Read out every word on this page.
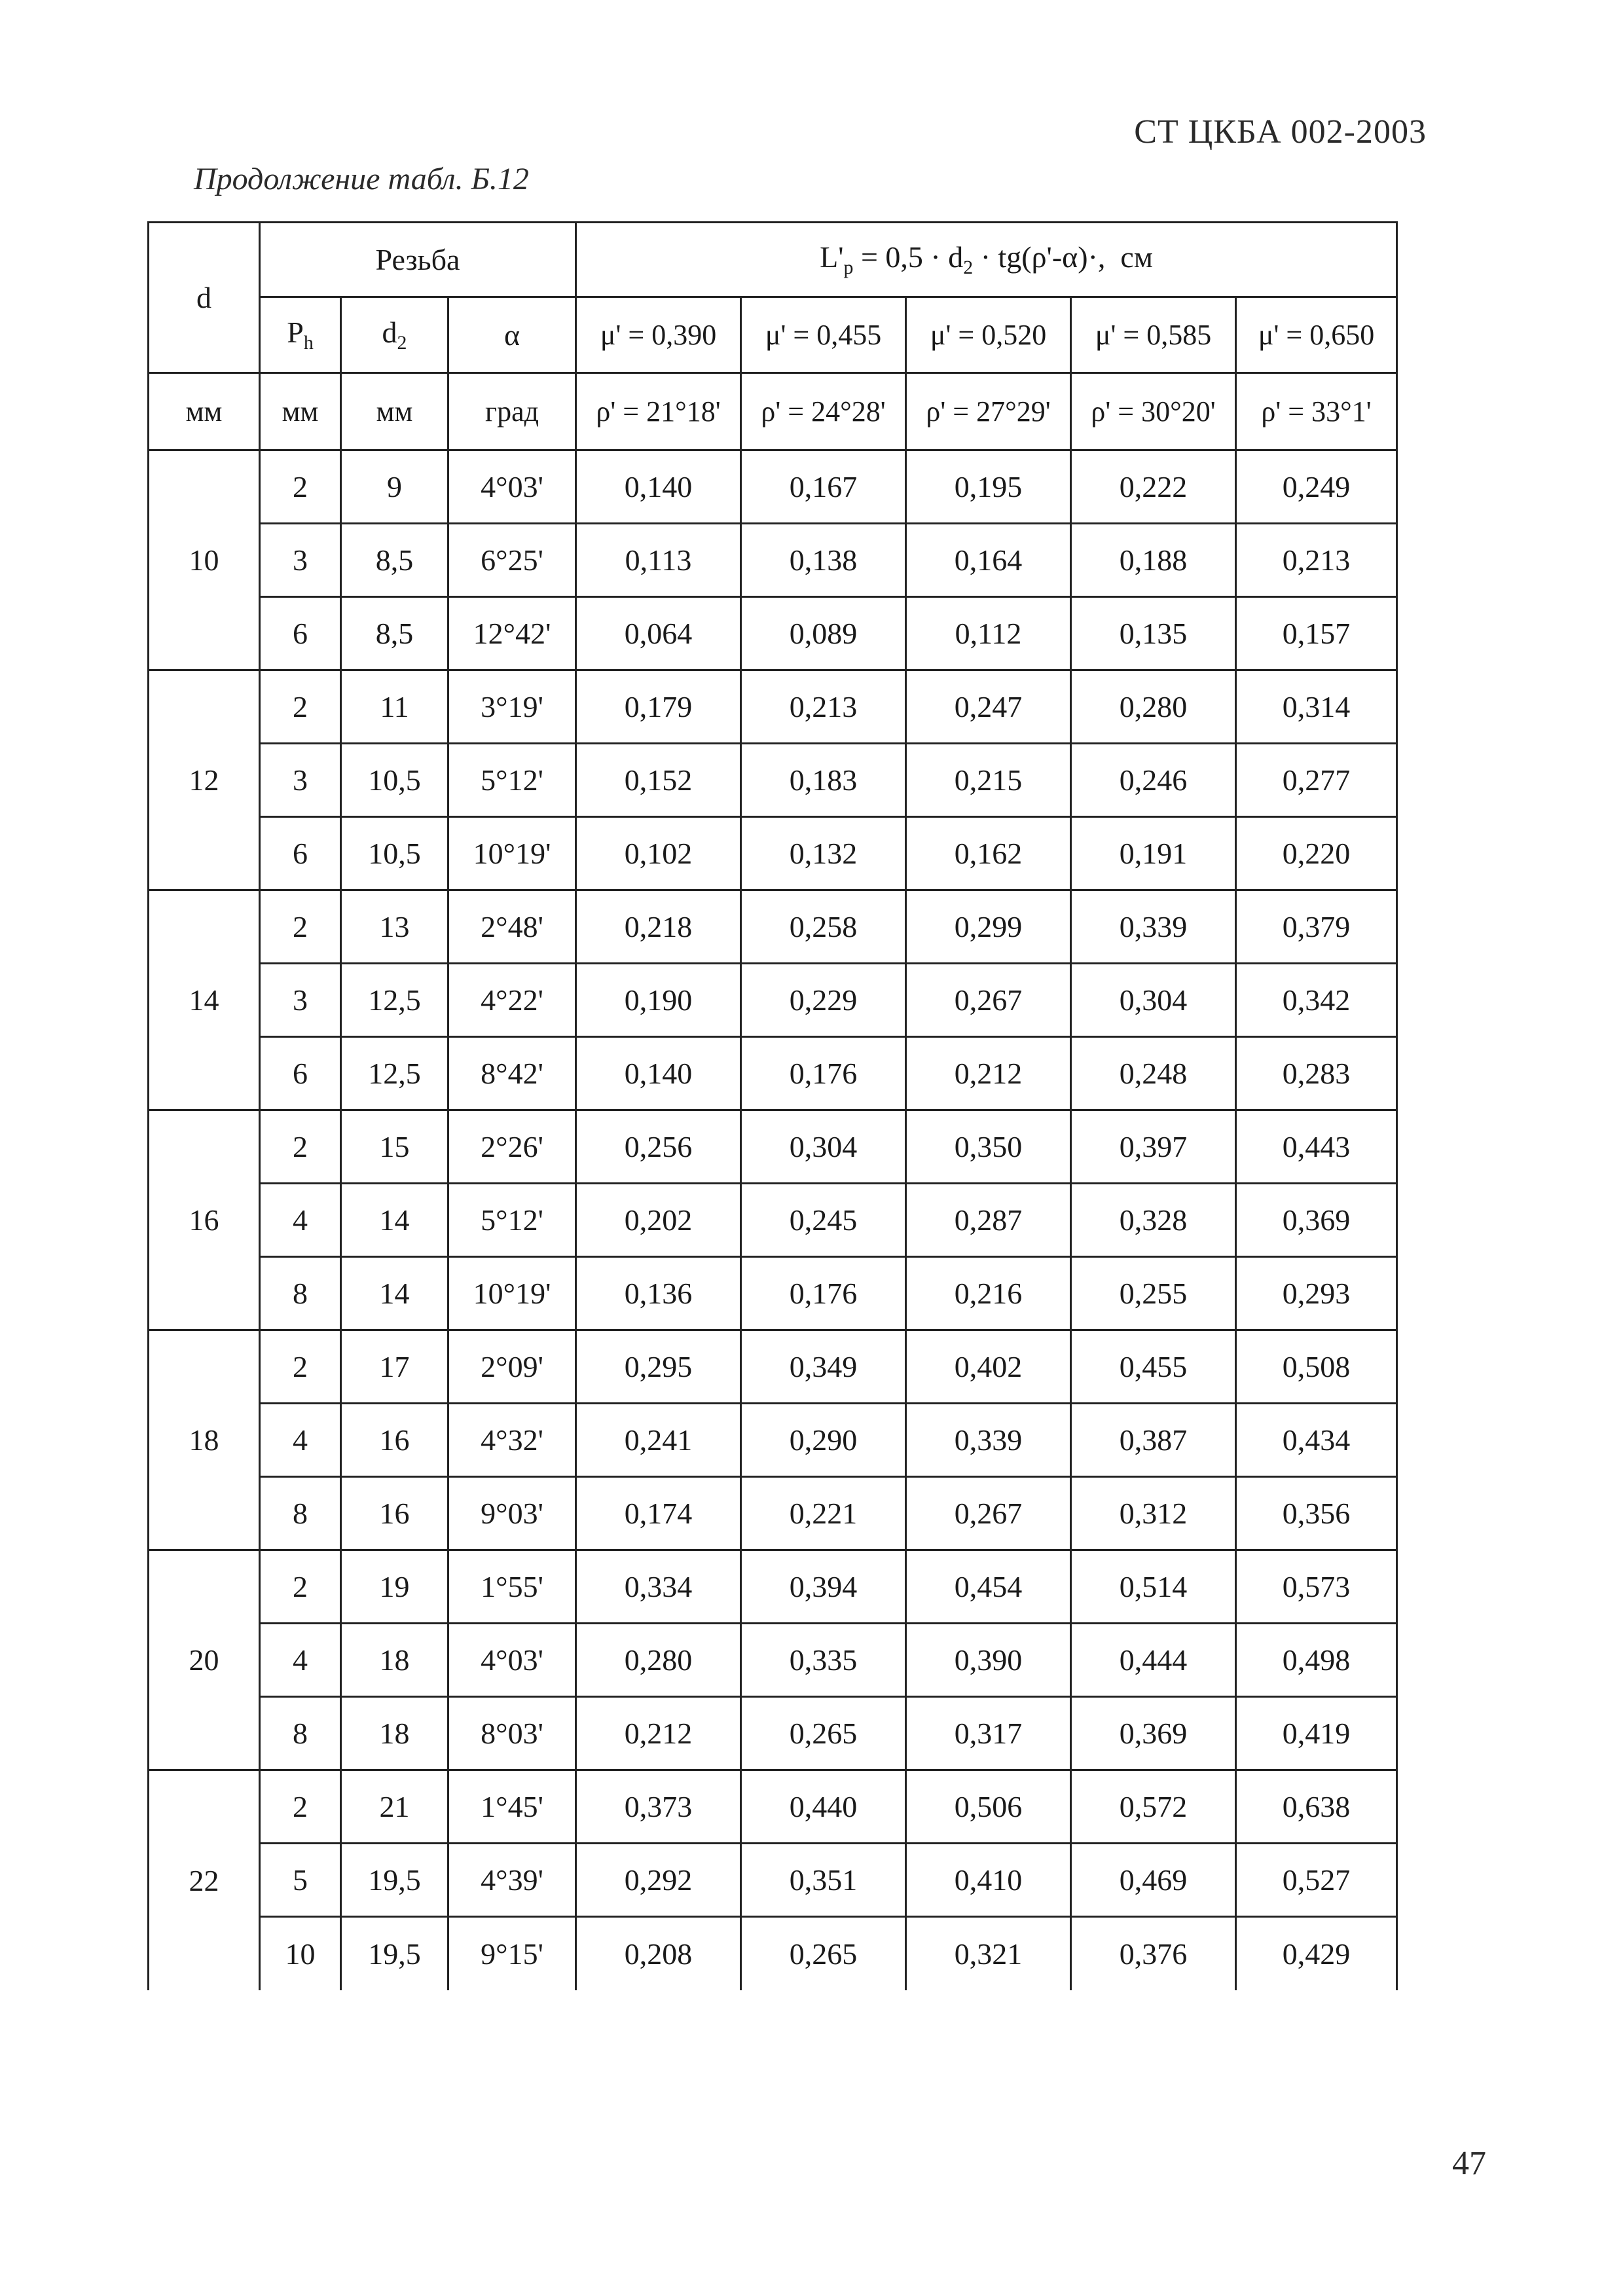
СТ ЦКБА 002-2003
Продолжение табл. Б.12
d	Резьба			$L'_p = 0,5 \cdot d_2 \cdot tg(\rho'-\alpha)\cdot$,  см				
	$P_h$	$d_2$	α	μ' = 0,390	μ' = 0,455	μ' = 0,520	μ' = 0,585	μ' = 0,650
мм	мм	мм	град	ρ' = 21°18'	ρ' = 24°28'	ρ' = 27°29'	ρ' = 30°20'	ρ' = 33°1'
10	2	9	4°03'	0,140	0,167	0,195	0,222	0,249
	3	8,5	6°25'	0,113	0,138	0,164	0,188	0,213
	6	8,5	12°42'	0,064	0,089	0,112	0,135	0,157
12	2	11	3°19'	0,179	0,213	0,247	0,280	0,314
	3	10,5	5°12'	0,152	0,183	0,215	0,246	0,277
	6	10,5	10°19'	0,102	0,132	0,162	0,191	0,220
14	2	13	2°48'	0,218	0,258	0,299	0,339	0,379
	3	12,5	4°22'	0,190	0,229	0,267	0,304	0,342
	6	12,5	8°42'	0,140	0,176	0,212	0,248	0,283
16	2	15	2°26'	0,256	0,304	0,350	0,397	0,443
	4	14	5°12'	0,202	0,245	0,287	0,328	0,369
	8	14	10°19'	0,136	0,176	0,216	0,255	0,293
18	2	17	2°09'	0,295	0,349	0,402	0,455	0,508
	4	16	4°32'	0,241	0,290	0,339	0,387	0,434
	8	16	9°03'	0,174	0,221	0,267	0,312	0,356
20	2	19	1°55'	0,334	0,394	0,454	0,514	0,573
	4	18	4°03'	0,280	0,335	0,390	0,444	0,498
	8	18	8°03'	0,212	0,265	0,317	0,369	0,419
22	2	21	1°45'	0,373	0,440	0,506	0,572	0,638
	5	19,5	4°39'	0,292	0,351	0,410	0,469	0,527
	10	19,5	9°15'	0,208	0,265	0,321	0,376	0,429
47
